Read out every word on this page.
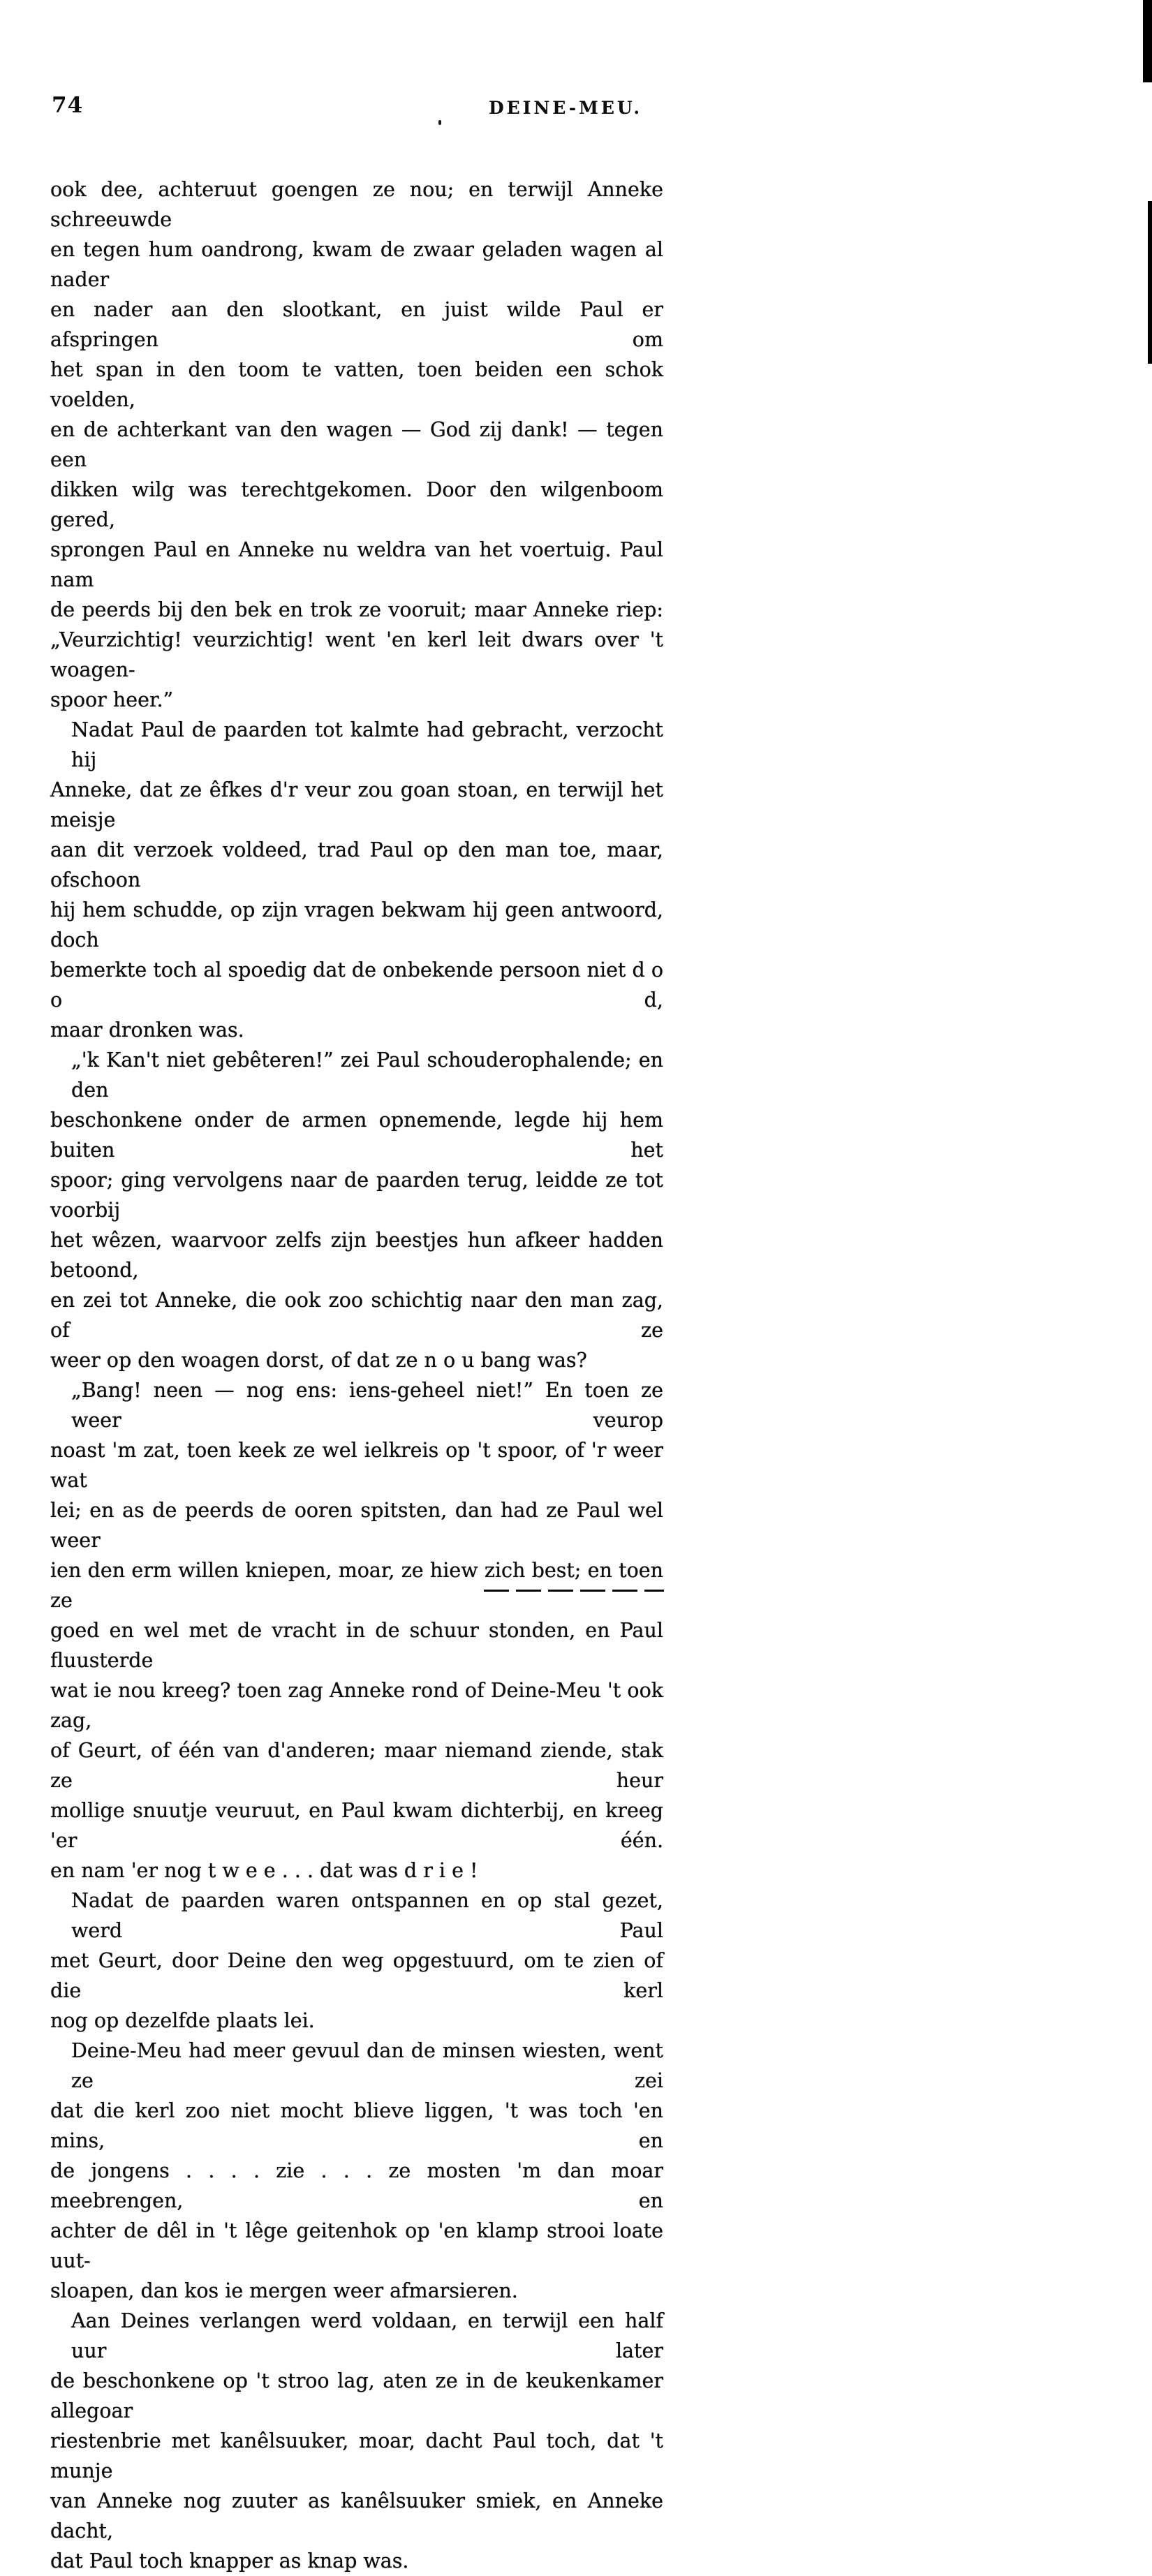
74	DEINE-MEU.
ook dee, achteruut goengen ze nou; en terwijl Anneke schreeuwde
en tegen hum oandrong, kwam de zwaar geladen wagen al nader
en nader aan den slootkant, en juist wilde Paul er afspringen om
het span in den toom te vatten, toen beiden een schok voelden,
en de achterkant van den wagen — God zij dank! — tegen een
dikken wilg was terechtgekomen. Door den wilgenboom gered,
sprongen Paul en Anneke nu weldra van het voertuig. Paul nam
de peerds bij den bek en trok ze vooruit; maar Anneke riep:
„Veurzichtig! veurzichtig! went 'en kerl leit dwars over 't woagen-
spoor heer.”
Nadat Paul de paarden tot kalmte had gebracht, verzocht hij
Anneke, dat ze êfkes d'r veur zou goan stoan, en terwijl het meisje
aan dit verzoek voldeed, trad Paul op den man toe, maar, ofschoon
hij hem schudde, op zijn vragen bekwam hij geen antwoord, doch
bemerkte toch al spoedig dat de onbekende persoon niet d o o d,
maar dronken was.
„'k Kan't niet gebêteren!” zei Paul schouderophalende; en den
beschonkene onder de armen opnemende, legde hij hem buiten het
spoor; ging vervolgens naar de paarden terug, leidde ze tot voorbij
het wêzen, waarvoor zelfs zijn beestjes hun afkeer hadden betoond,
en zei tot Anneke, die ook zoo schichtig naar den man zag, of ze
weer op den woagen dorst, of dat ze n o u bang was?
„Bang! neen — nog ens: iens-geheel niet!” En toen ze weer veurop
noast 'm zat, toen keek ze wel ielkreis op 't spoor, of 'r weer wat
lei; en as de peerds de ooren spitsten, dan had ze Paul wel weer
ien den erm willen kniepen, moar, ze hiew zich best; en toen ze
goed en wel met de vracht in de schuur stonden, en Paul fluusterde
wat ie nou kreeg? toen zag Anneke rond of Deine-Meu 't ook zag,
of Geurt, of één van d'anderen; maar niemand ziende, stak ze heur
mollige snuutje veuruut, en Paul kwam dichterbij, en kreeg 'er één.
en nam 'er nog t w e e . . . dat was d r i e !
Nadat de paarden waren ontspannen en op stal gezet, werd Paul
met Geurt, door Deine den weg opgestuurd, om te zien of die kerl
nog op dezelfde plaats lei.
Deine-Meu had meer gevuul dan de minsen wiesten, went ze zei
dat die kerl zoo niet mocht blieve liggen, 't was toch 'en mins, en
de jongens . . . . zie . . . ze mosten 'm dan moar meebrengen, en
achter de dêl in 't lêge geitenhok op 'en klamp strooi loate uut-
sloapen, dan kos ie mergen weer afmarsieren.
Aan Deines verlangen werd voldaan, en terwijl een half uur later
de beschonkene op 't stroo lag, aten ze in de keukenkamer allegoar
riestenbrie met kanêlsuuker, moar, dacht Paul toch, dat 't munje
van Anneke nog zuuter as kanêlsuuker smiek, en Anneke dacht,
dat Paul toch knapper as knap was.
